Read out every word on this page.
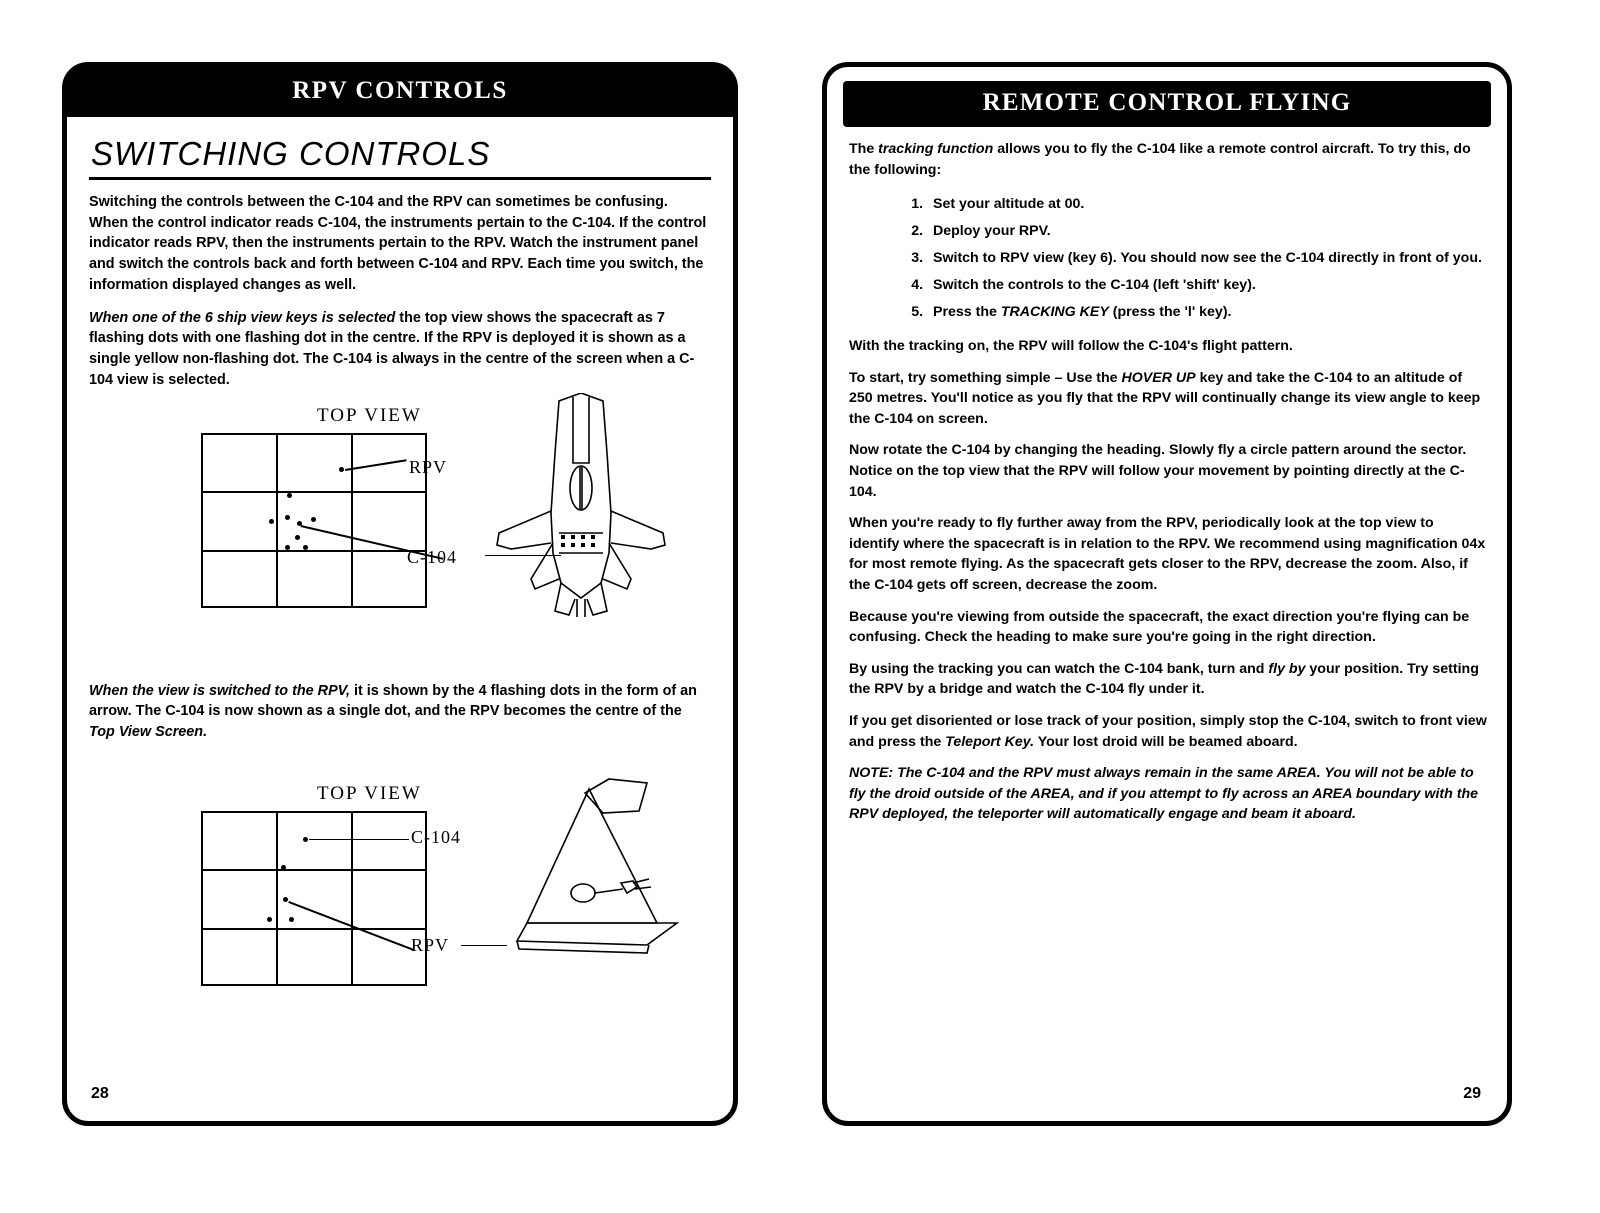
RPV CONTROLS
SWITCHING CONTROLS

Switching the controls between the C-104 and the RPV can sometimes be confusing. When the control indicator reads C-104, the instruments pertain to the C-104. If the control indicator reads RPV, then the instruments pertain to the RPV. Watch the instrument panel and switch the controls back and forth between C-104 and RPV. Each time you switch, the information displayed changes as well.

When one of the 6 ship view keys is selected the top view shows the spacecraft as 7 flashing dots with one flashing dot in the centre. If the RPV is deployed it is shown as a single yellow non-flashing dot. The C-104 is always in the centre of the screen when a C-104 view is selected.

TOP VIEW
RPV
C-104

When the view is switched to the RPV, it is shown by the 4 flashing dots in the form of an arrow. The C-104 is now shown as a single dot, and the RPV becomes the centre of the Top View Screen.

TOP VIEW
C-104
RPV
28
REMOTE CONTROL FLYING

The tracking function allows you to fly the C-104 like a remote control aircraft. To try this, do the following:

1. Set your altitude at 00.
2. Deploy your RPV.
3. Switch to RPV view (key 6). You should now see the C-104 directly in front of you.
4. Switch the controls to the C-104 (left 'shift' key).
5. Press the TRACKING KEY (press the 'l' key).

With the tracking on, the RPV will follow the C-104's flight pattern.

To start, try something simple – Use the HOVER UP key and take the C-104 to an altitude of 250 metres. You'll notice as you fly that the RPV will continually change its view angle to keep the C-104 on screen.

Now rotate the C-104 by changing the heading. Slowly fly a circle pattern around the sector. Notice on the top view that the RPV will follow your movement by pointing directly at the C-104.

When you're ready to fly further away from the RPV, periodically look at the top view to identify where the spacecraft is in relation to the RPV. We recommend using magnification 04x for most remote flying. As the spacecraft gets closer to the RPV, decrease the zoom. Also, if the C-104 gets off screen, decrease the zoom.

Because you're viewing from outside the spacecraft, the exact direction you're flying can be confusing. Check the heading to make sure you're going in the right direction.

By using the tracking you can watch the C-104 bank, turn and fly by your position. Try setting the RPV by a bridge and watch the C-104 fly under it.

If you get disoriented or lose track of your position, simply stop the C-104, switch to front view and press the Teleport Key. Your lost droid will be beamed aboard.

NOTE: The C-104 and the RPV must always remain in the same AREA. You will not be able to fly the droid outside of the AREA, and if you attempt to fly across an AREA boundary with the RPV deployed, the teleporter will automatically engage and beam it aboard.

29
